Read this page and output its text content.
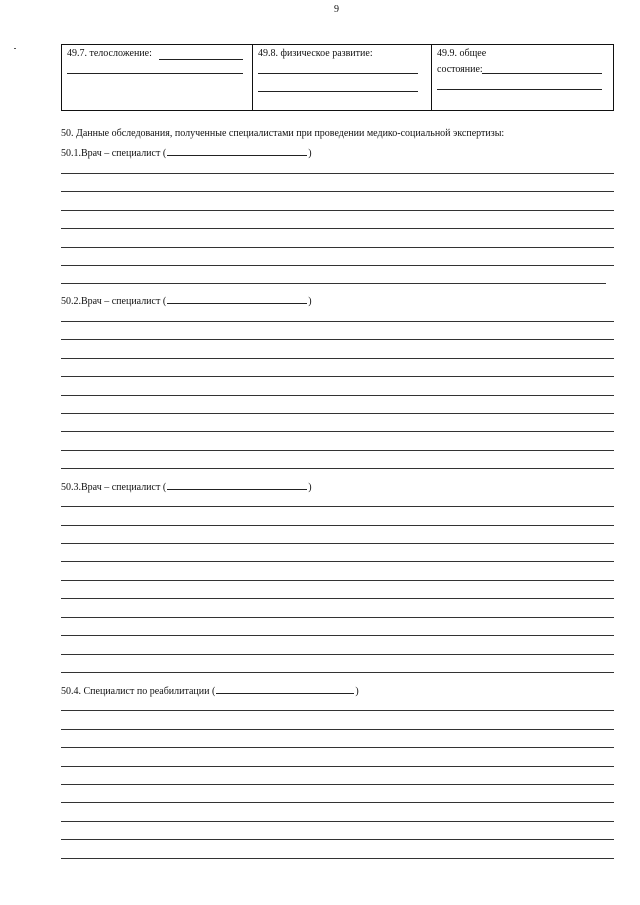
9
49.7. телосложение:	49.8. физическое развитие:	49.9. общее
состояние:
50. Данные обследования, полученные специалистами при проведении медико-социальной экспертизы:
50.1.Врач – специалист (	)
50.2.Врач – специалист (	)
50.3.Врач – специалист (	)
50.4. Специалист по реабилитации (	)
